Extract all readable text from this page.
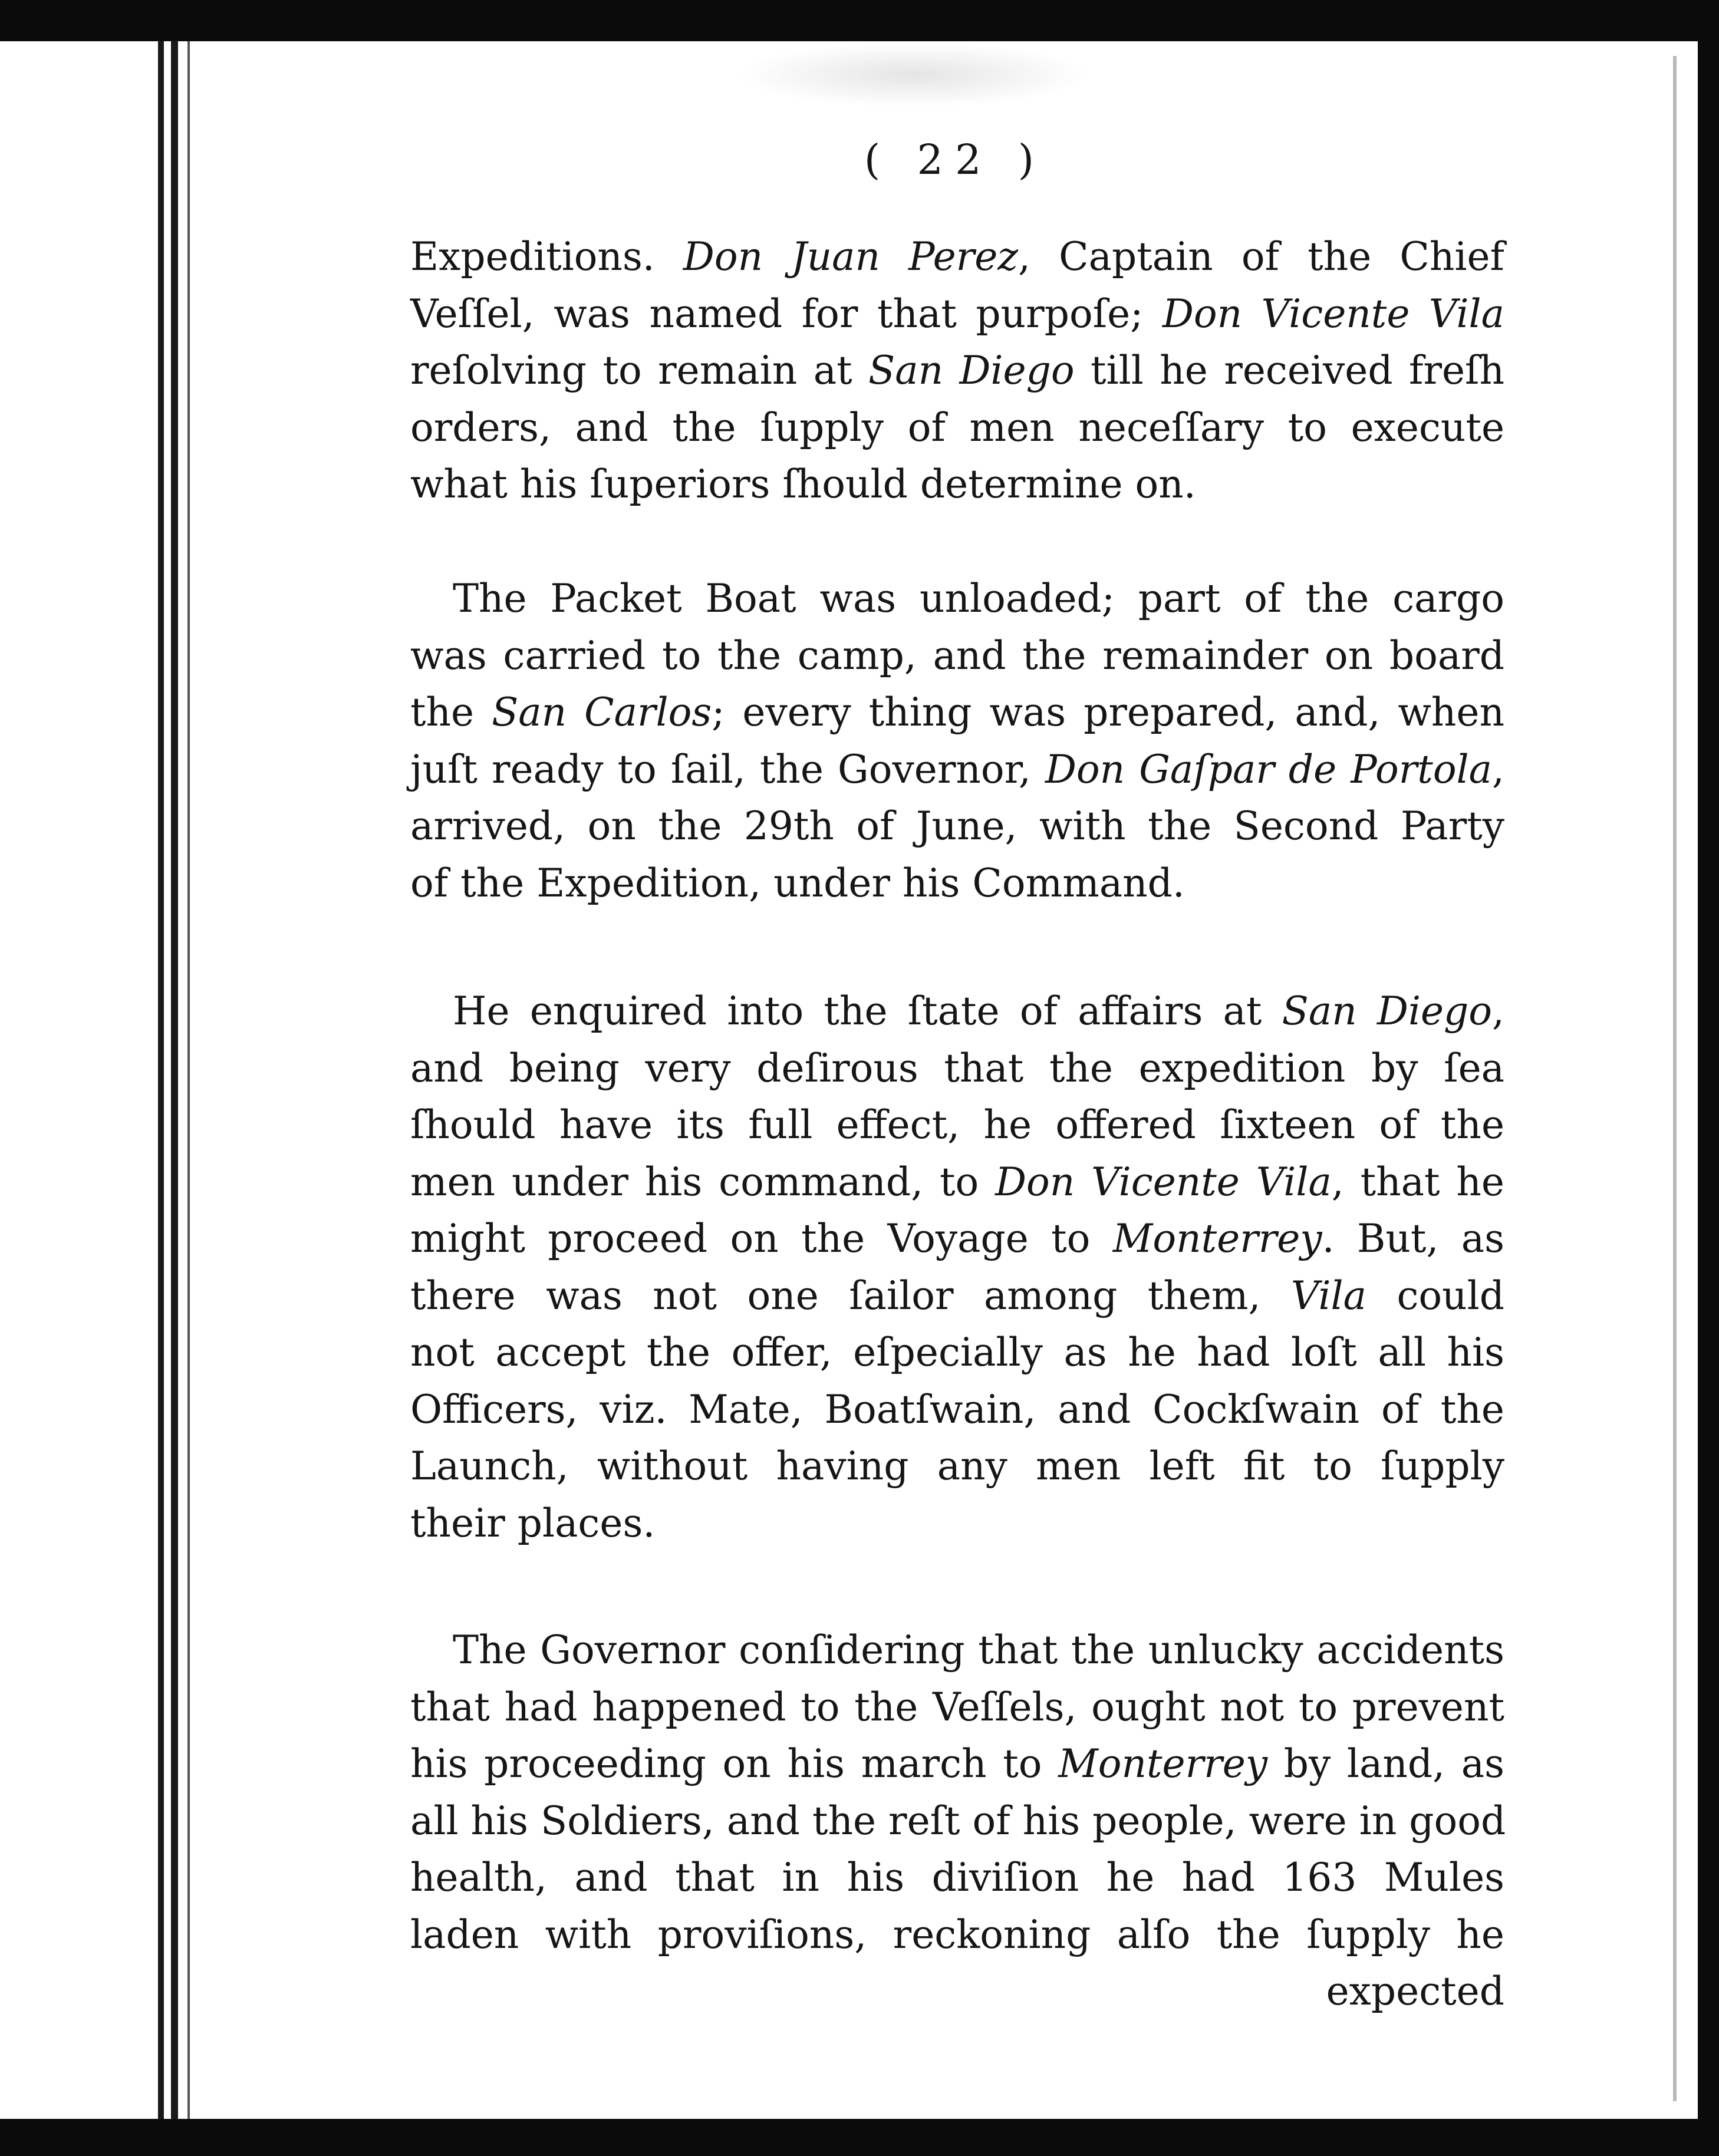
( 22 )
Expeditions. Don Juan Perez, Captain of the Chief
Veſſel, was named for that purpoſe; Don Vicente Vila
reſolving to remain at San Diego till he received freſh
orders, and the ſupply of men neceſſary to execute
what his ſuperiors ſhould determine on.
The Packet Boat was unloaded; part of the cargo
was carried to the camp, and the remainder on board
the San Carlos; every thing was prepared, and, when
juſt ready to ſail, the Governor, Don Gaſpar de Portola,
arrived, on the 29th of June, with the Second Party
of the Expedition, under his Command.
He enquired into the ſtate of affairs at San Diego,
and being very deſirous that the expedition by ſea
ſhould have its full effect, he offered ſixteen of the
men under his command, to Don Vicente Vila, that he
might proceed on the Voyage to Monterrey. But, as
there was not one ſailor among them, Vila could
not accept the offer, eſpecially as he had loſt all his
Officers, viz. Mate, Boatſwain, and Cockſwain of the
Launch, without having any men left fit to ſupply
their places.
The Governor conſidering that the unlucky accidents
that had happened to the Veſſels, ought not to prevent
his proceeding on his march to Monterrey by land, as
all his Soldiers, and the reſt of his people, were in good
health, and that in his diviſion he had 163 Mules
laden with proviſions, reckoning alſo the ſupply he
expected
